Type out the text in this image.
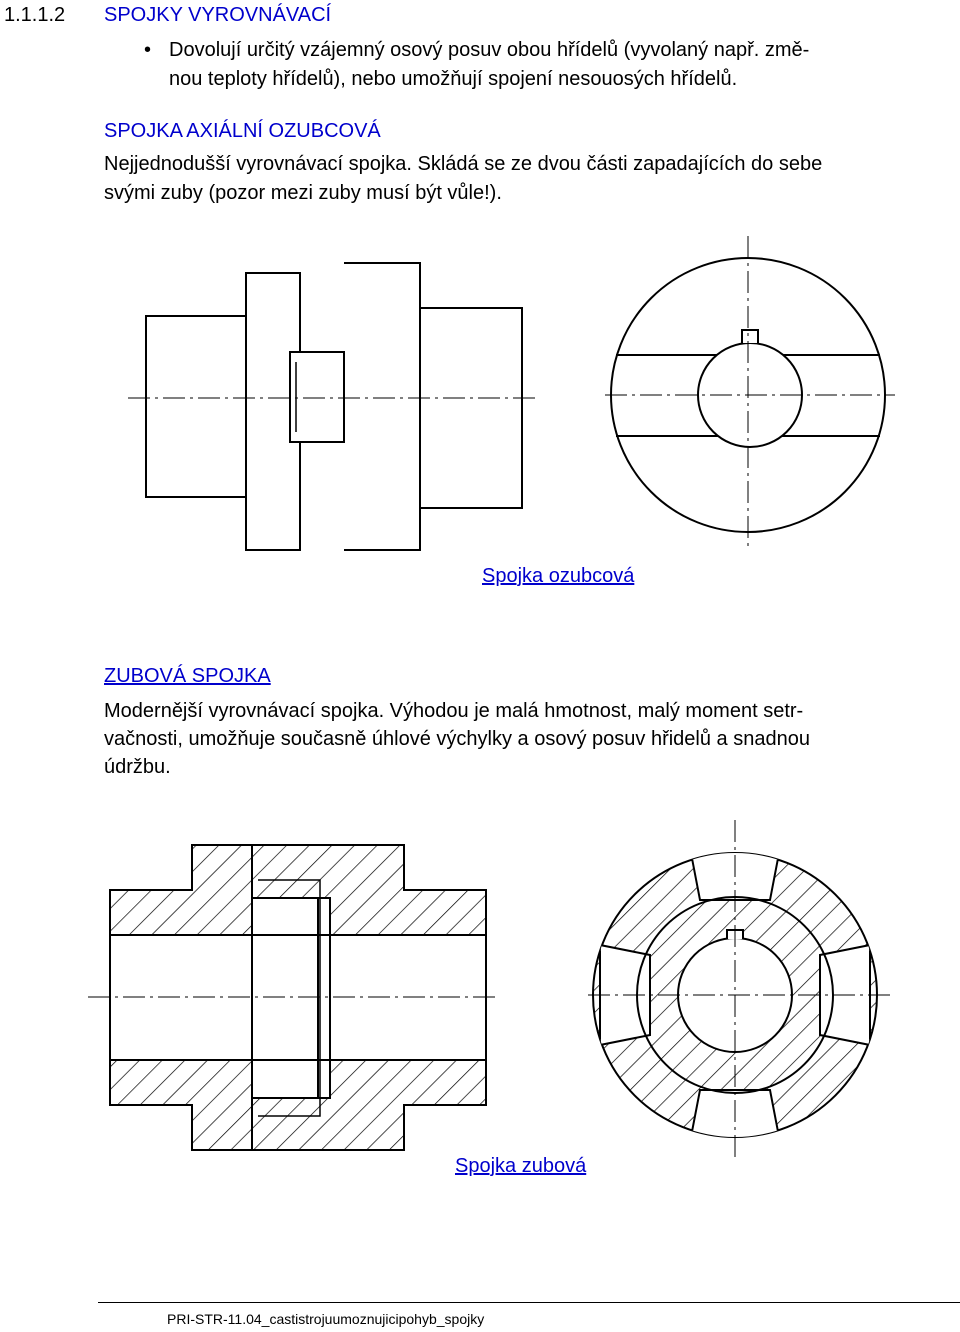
1.1.1.2 SPOJKY VYROVNÁVACÍ
• Dovolují určitý vzájemný osový posuv obou hřídelů (vyvolaný např. změ-
nou teploty hřídelů), nebo umožňují spojení nesouosých hřídelů.
SPOJKA AXIÁLNÍ OZUBCOVÁ
Nejjednodušší vyrovnávací spojka. Skládá se ze dvou části zapadajících do sebe
svými zuby (pozor mezi zuby musí být vůle!).
Spojka ozubcová
ZUBOVÁ SPOJKA
Modernější vyrovnávací spojka. Výhodou je malá hmotnost, malý moment setr-
vačnosti, umožňuje současně úhlové výchylky a osový posuv hřidelů a snadnou
údržbu.
Spojka zubová
PRI-STR-11.04_castistrojuumoznujicipohyb_spojky
